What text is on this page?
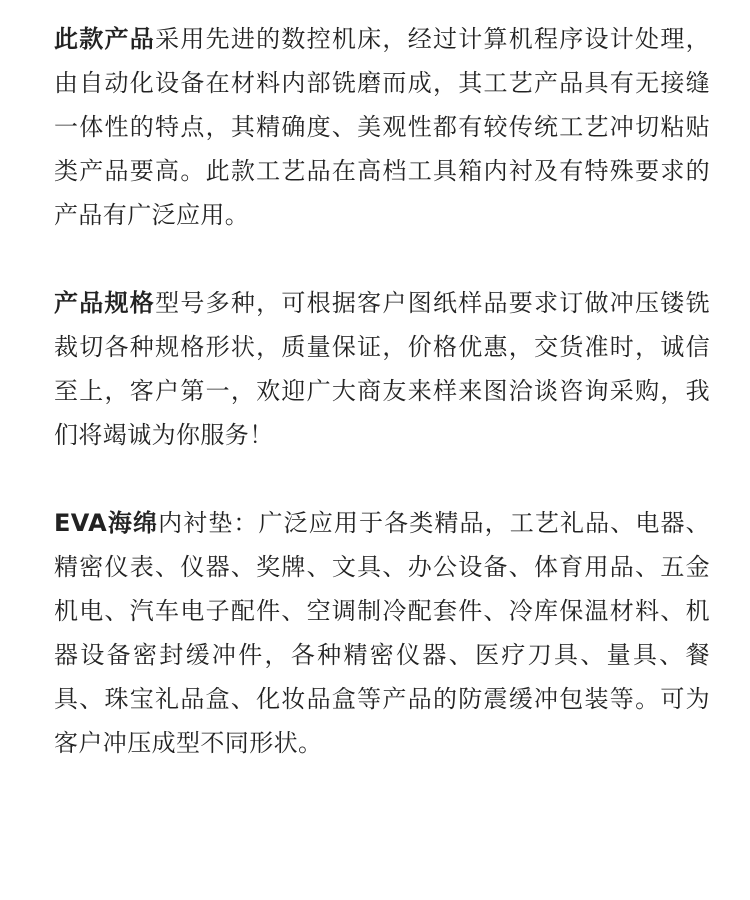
此款产品采用先进的数控机床，经过计算机程序设计处理，由自动化设备在材料内部铣磨而成，其工艺产品具有无接缝一体性的特点，其精确度、美观性都有较传统工艺冲切粘贴类产品要高。此款工艺品在高档工具箱内衬及有特殊要求的产品有广泛应用。

产品规格型号多种，可根据客户图纸样品要求订做冲压镂铣裁切各种规格形状，质量保证，价格优惠，交货准时，诚信至上，客户第一，欢迎广大商友来样来图洽谈咨询采购，我们将竭诚为你服务！

EVA海绵内衬垫：广泛应用于各类精品，工艺礼品、电器、精密仪表、仪器、奖牌、文具、办公设备、体育用品、五金机电、汽车电子配件、空调制冷配套件、冷库保温材料、机器设备密封缓冲件，各种精密仪器、医疗刀具、量具、餐具、珠宝礼品盒、化妆品盒等产品的防震缓冲包装等。可为客户冲压成型不同形状。
